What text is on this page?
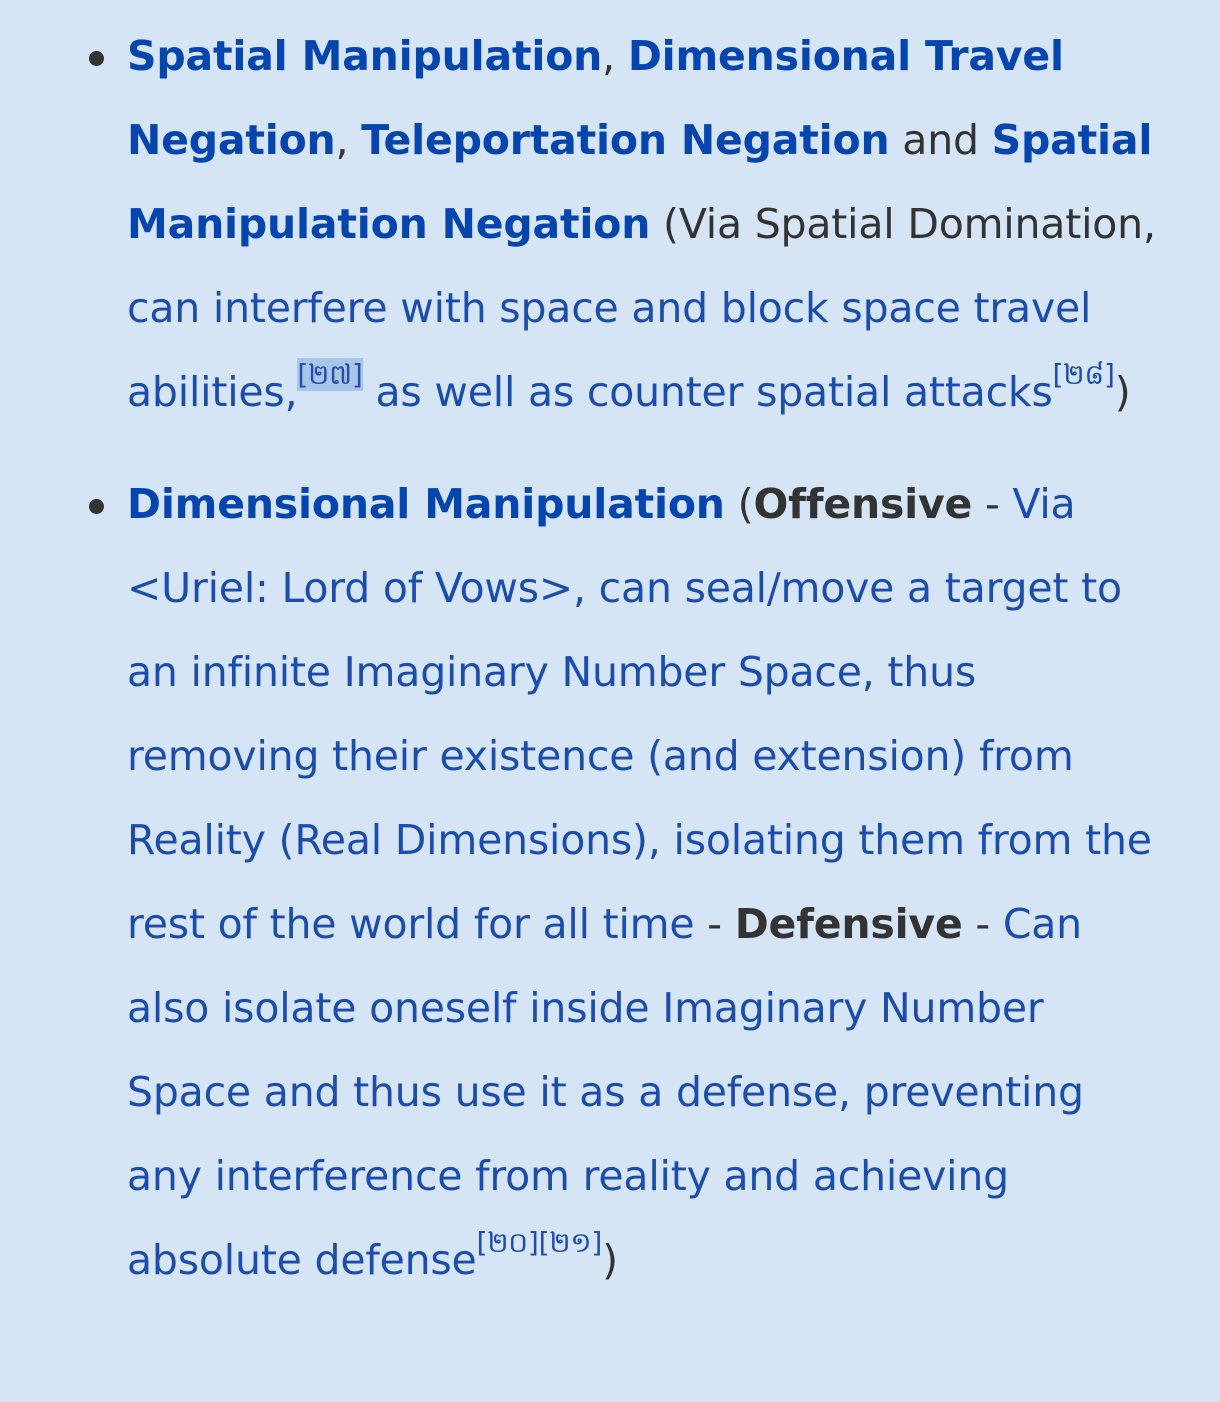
Spatial Manipulation, Dimensional Travel Negation, Teleportation Negation and Spatial Manipulation Negation (Via Spatial Domination, can interfere with space and block space travel abilities,[២៧] as well as counter spatial attacks[២៨])
Dimensional Manipulation (Offensive - Via <Uriel: Lord of Vows>, can seal/move a target to an infinite Imaginary Number Space, thus removing their existence (and extension) from Reality (Real Dimensions), isolating them from the rest of the world for all time - Defensive - Can also isolate oneself inside Imaginary Number Space and thus use it as a defense, preventing any interference from reality and achieving absolute defense[២០][២១])
